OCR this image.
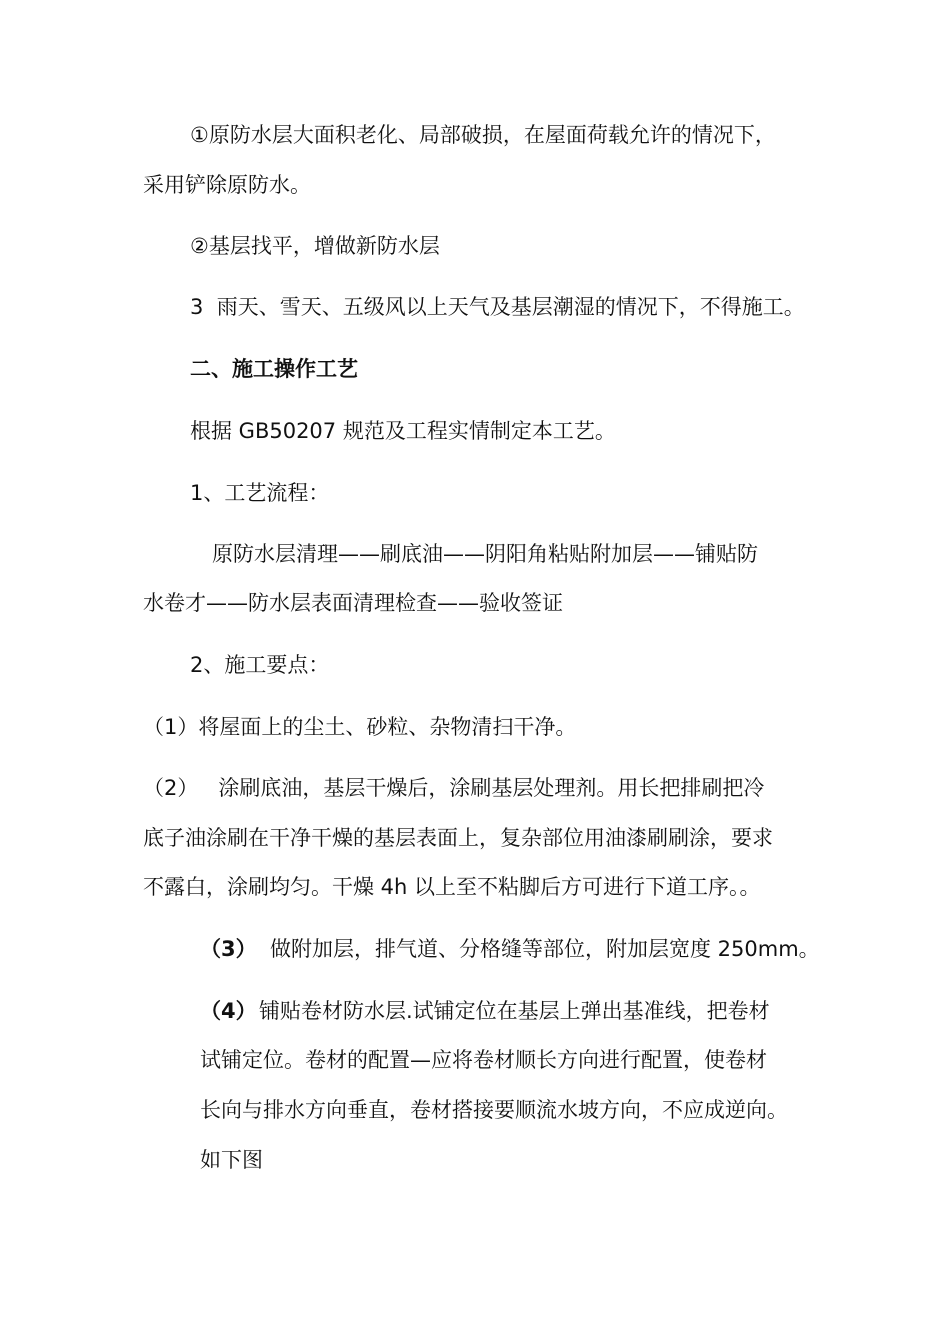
①原防水层大面积老化、局部破损，在屋面荷载允许的情况下，
采用铲除原防水。
②基层找平，增做新防水层
3  雨天、雪天、五级风以上天气及基层潮湿的情况下，不得施工。
二、施工操作工艺
根据 GB50207 规范及工程实情制定本工艺。
1、工艺流程：
原防水层清理——刷底油——阴阳角粘贴附加层——铺贴防
水卷才——防水层表面清理检查——验收签证
2、施工要点：
（1）将屋面上的尘土、砂粒、杂物清扫干净。
（2）   涂刷底油，基层干燥后，涂刷基层处理剂。用长把排刷把冷
底子油涂刷在干净干燥的基层表面上，复杂部位用油漆刷刷涂，要求
不露白，涂刷均匀。干燥 4h 以上至不粘脚后方可进行下道工序。。
（3） 做附加层，排气道、分格缝等部位，附加层宽度 250mm。
（4） 铺贴卷材防水层.试铺定位在基层上弹出基准线，把卷材
试铺定位。卷材的配置—应将卷材顺长方向进行配置，使卷材
长向与排水方向垂直，卷材搭接要顺流水坡方向，不应成逆向。
如下图
